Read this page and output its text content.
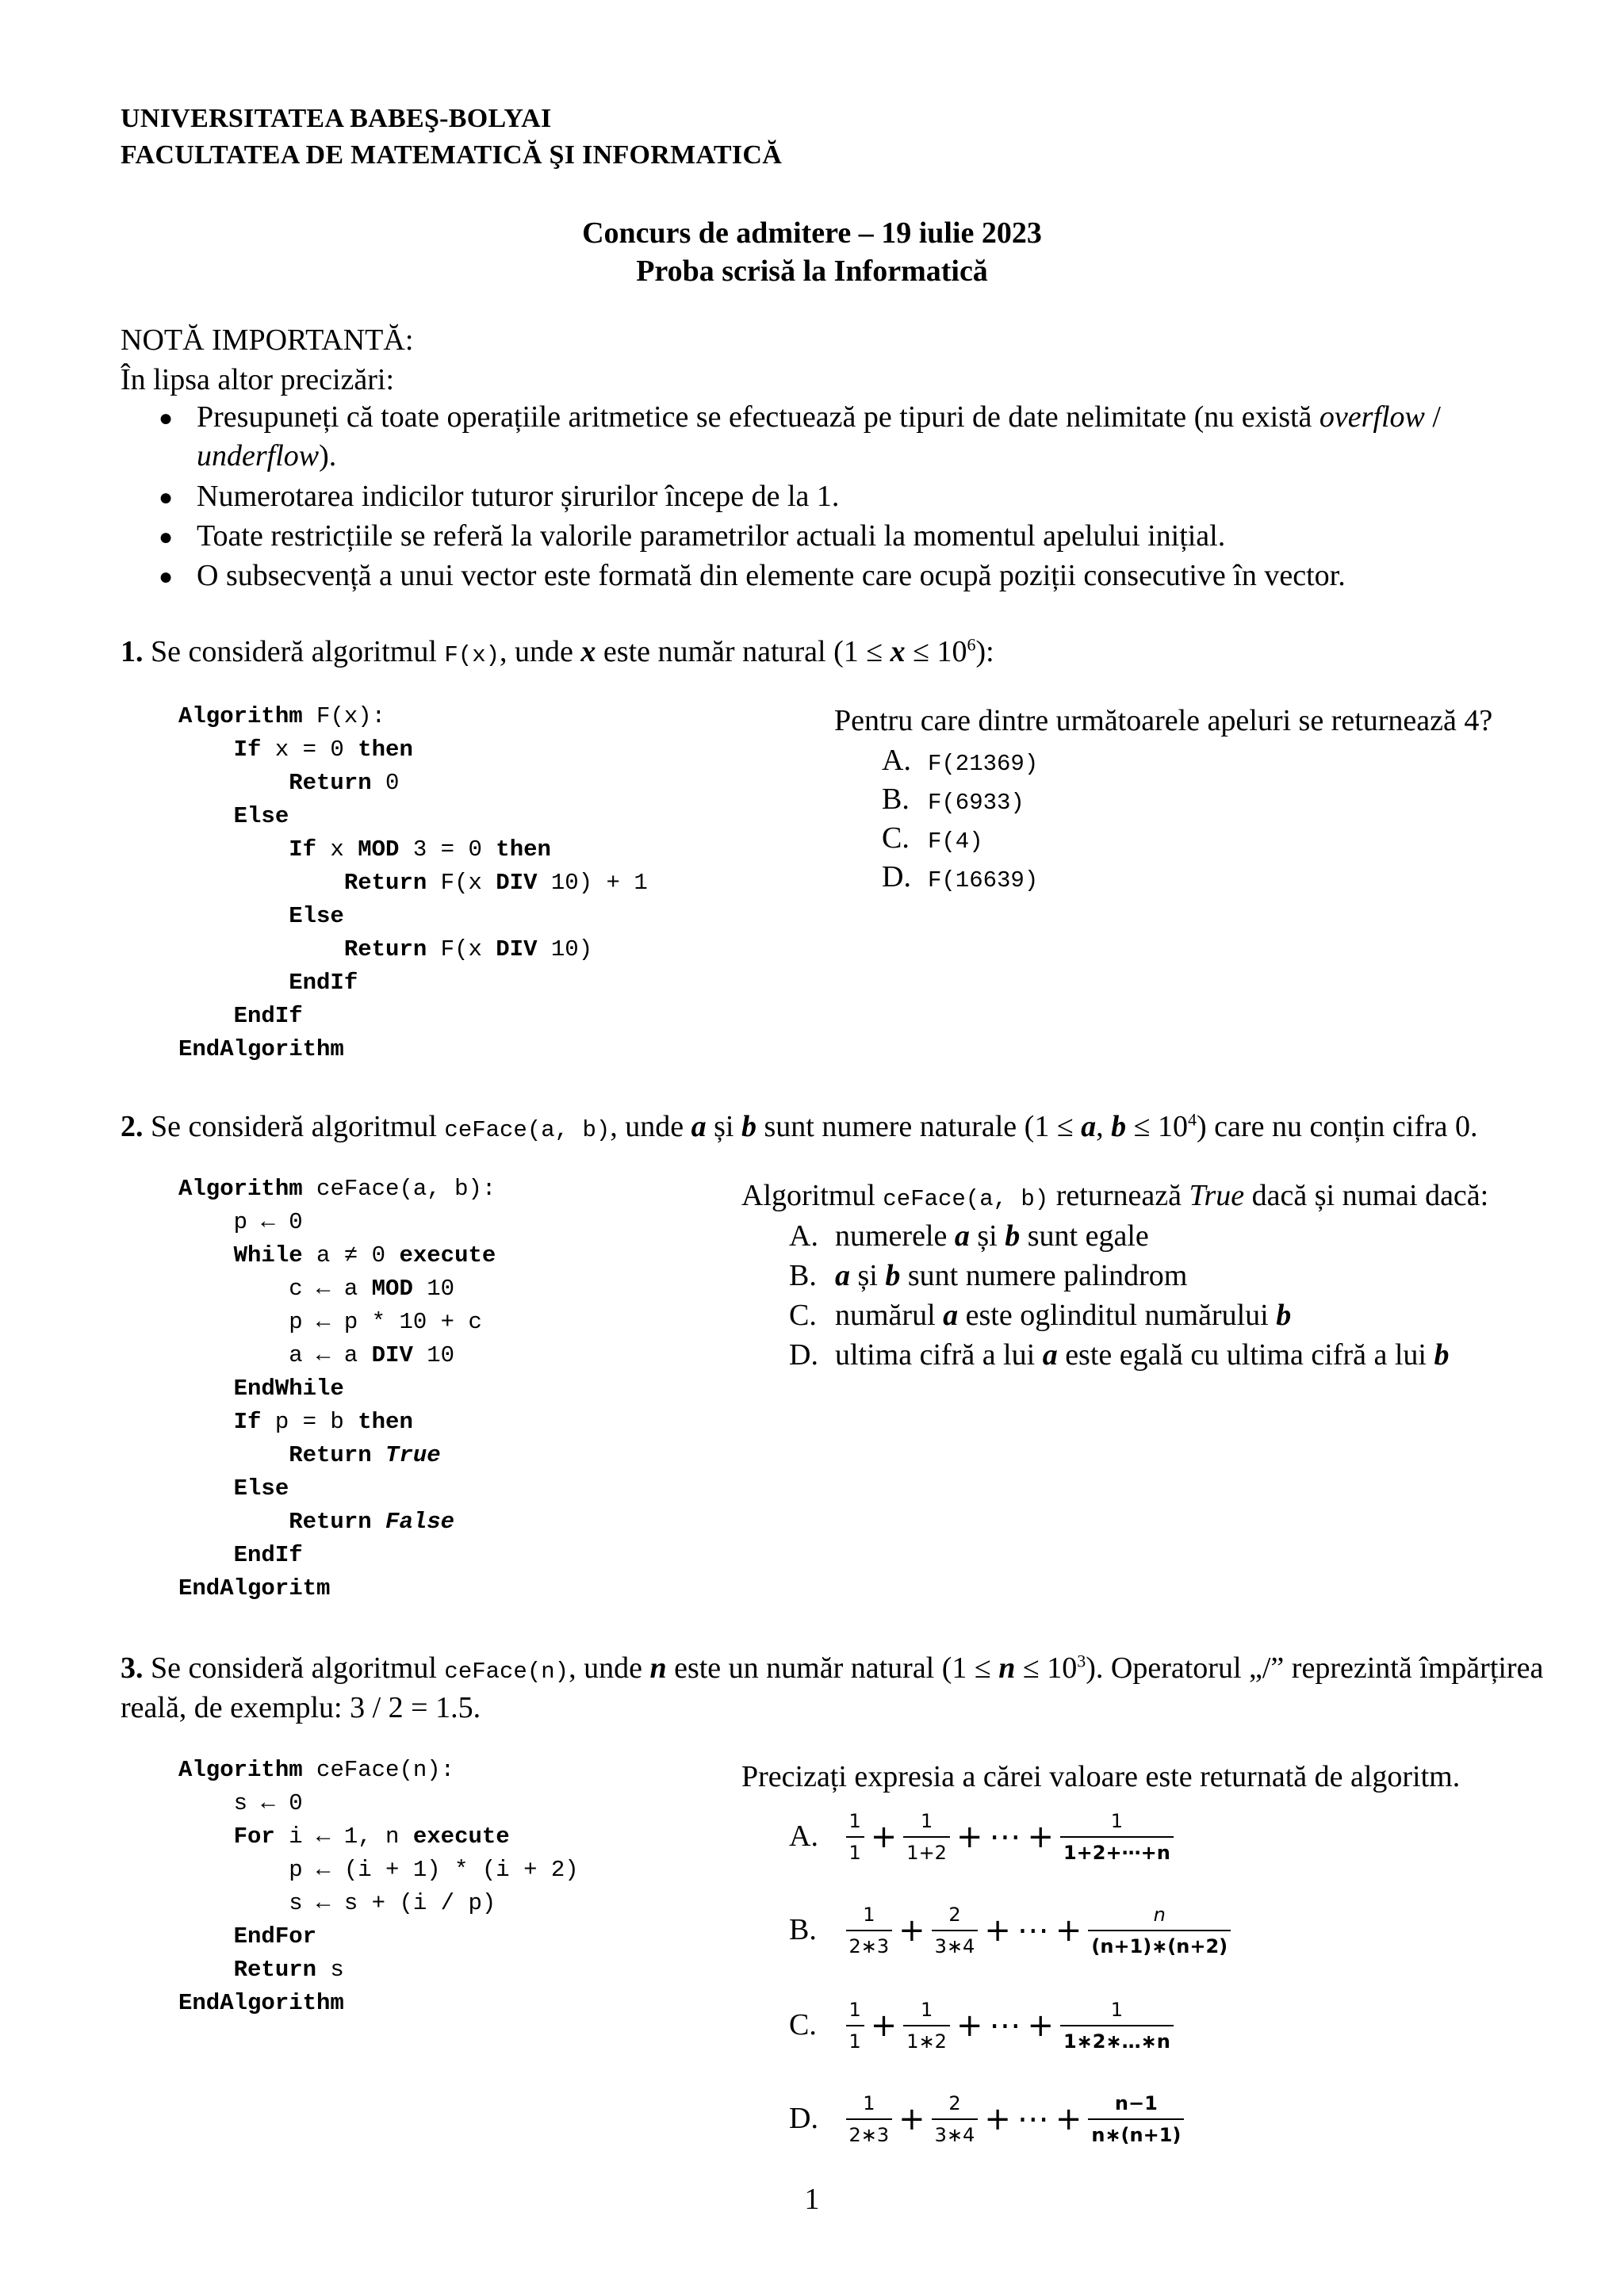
UNIVERSITATEA BABEŞ-BOLYAI
FACULTATEA DE MATEMATICĂ ŞI INFORMATICĂ
Concurs de admitere – 19 iulie 2023
Proba scrisă la Informatică
NOTĂ IMPORTANTĂ:
În lipsa altor precizări:
● Presupuneți că toate operațiile aritmetice se efectuează pe tipuri de date nelimitate (nu există overflow /
underflow).
● Numerotarea indicilor tuturor șirurilor începe de la 1.
● Toate restricțiile se referă la valorile parametrilor actuali la momentul apelului inițial.
● O subsecvență a unui vector este formată din elemente care ocupă poziții consecutive în vector.
1. Se consideră algoritmul F(x), unde x este număr natural $(1 \le x \le 10^6)$:
Algorithm F(x):
If x = 0 then
Return 0
Else
If x MOD 3 = 0 then
Return F(x DIV 10) + 1
Else
Return F(x DIV 10)
EndIf
EndIf
EndAlgorithm
Pentru care dintre următoarele apeluri se returnează 4?
A. F(21369)
B. F(6933)
C. F(4)
D. F(16639)
2. Se consideră algoritmul ceFace(a, b), unde a și b sunt numere naturale (1 ≤ a, $b \le 10^4$) care nu conțin cifra 0.
Algorithm ceFace(a, b):
p ← 0
While a ≠ 0 execute
c ← a MOD 10
p ← p * 10 + c
a ← a DIV 10
EndWhile
If p = b then
Return True
Else
Return False
EndIf
EndAlgoritm
Algoritmul ceFace(a, b) returnează True dacă și numai dacă:
A. numerele a și b sunt egale
B. a și b sunt numere palindrom
C. numărul a este oglinditul numărului b
D. ultima cifră a lui a este egală cu ultima cifră a lui b
3. Se consideră algoritmul ceFace(n), unde n este un număr natural $(1 \le n \le 10^3)$. Operatorul „/” reprezintă împărțirea
reală, de exemplu: 3 / 2 = 1.5.
Algorithm ceFace(n):
s ← 0
For i ← 1, n execute
p ← (i + 1) * (i + 2)
s ← s + (i / p)
EndFor
Return s
EndAlgorithm
Precizați expresia a cărei valoare este returnată de algoritm.
A. $\frac{1}{1} + \frac{1}{1+2}$ + ⋯ + $\frac{1}{1+2+\cdots+n}$
B. $\frac{1}{2∗3} + \frac{2}{3∗4}$ + ⋯ + $\frac{n}{(n+1)∗(n+2)}$
C. $\frac{1}{1} + \frac{1}{1∗2}$ + ⋯ + $\frac{1}{1∗2∗\dots∗n}$
D. $\frac{1}{2∗3} + \frac{2}{3∗4}$ + ⋯ + $\frac{n-1}{n∗(n+1)}$
1
